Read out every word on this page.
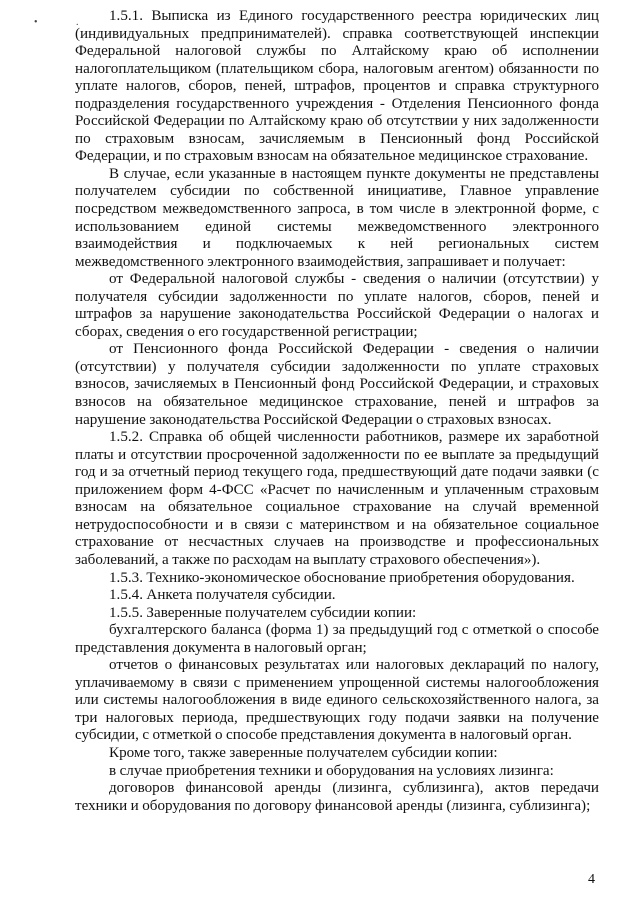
• . 1.5.1. Выписка из Единого государственного реестра юридических лиц (индивидуальных предпринимателей). справка соответствующей инспекции Федеральной налоговой службы по Алтайскому краю об исполнении налогоплательщиком (плательщиком сбора, налоговым агентом) обязанности по уплате налогов, сборов, пеней, штрафов, процентов и справка структурного подразделения государственного учреждения - Отделения Пенсионного фонда Российской Федерации по Алтайскому краю об отсутствии у них задолженности по страховым взносам, зачисляемым в Пенсионный фонд Российской Федерации, и по страховым взносам на обязательное медицинское страхование.

В случае, если указанные в настоящем пункте документы не представлены получателем субсидии по собственной инициативе, Главное управление посредством межведомственного запроса, в том числе в электронной форме, с использованием единой системы межведомственного электронного взаимодействия и подключаемых к ней региональных систем межведомственного электронного взаимодействия, запрашивает и получает:

от Федеральной налоговой службы - сведения о наличии (отсутствии) у получателя субсидии задолженности по уплате налогов, сборов, пеней и штрафов за нарушение законодательства Российской Федерации о налогах и сборах, сведения о его государственной регистрации;

от Пенсионного фонда Российской Федерации - сведения о наличии (отсутствии) у получателя субсидии задолженности по уплате страховых взносов, зачисляемых в Пенсионный фонд Российской Федерации, и страховых взносов на обязательное медицинское страхование, пеней и штрафов за нарушение законодательства Российской Федерации о страховых взносах.

1.5.2. Справка об общей численности работников, размере их заработной платы и отсутствии просроченной задолженности по ее выплате за предыдущий год и за отчетный период текущего года, предшествующий дате подачи заявки (с приложением форм 4-ФСС «Расчет по начисленным и уплаченным страховым взносам на обязательное социальное страхование на случай временной нетрудоспособности и в связи с материнством и на обязательное социальное страхование от несчастных случаев на производстве и профессиональных заболеваний, а также по расходам на выплату страхового обеспечения»).

1.5.3. Технико-экономическое обоснование приобретения оборудования.

1.5.4. Анкета получателя субсидии.

1.5.5. Заверенные получателем субсидии копии:

бухгалтерского баланса (форма 1) за предыдущий год с отметкой о способе представления документа в налоговый орган;

отчетов о финансовых результатах или налоговых деклараций по налогу, уплачиваемому в связи с применением упрощенной системы налогообложения или системы налогообложения в виде единого сельскохозяйственного налога, за три налоговых периода, предшествующих году подачи заявки на получение субсидии, с отметкой о способе представления документа в налоговый орган.

Кроме того, также заверенные получателем субсидии копии:

в случае приобретения техники и оборудования на условиях лизинга:

договоров финансовой аренды (лизинга, сублизинга), актов передачи техники и оборудования по договору финансовой аренды (лизинга, сублизинга);

4
